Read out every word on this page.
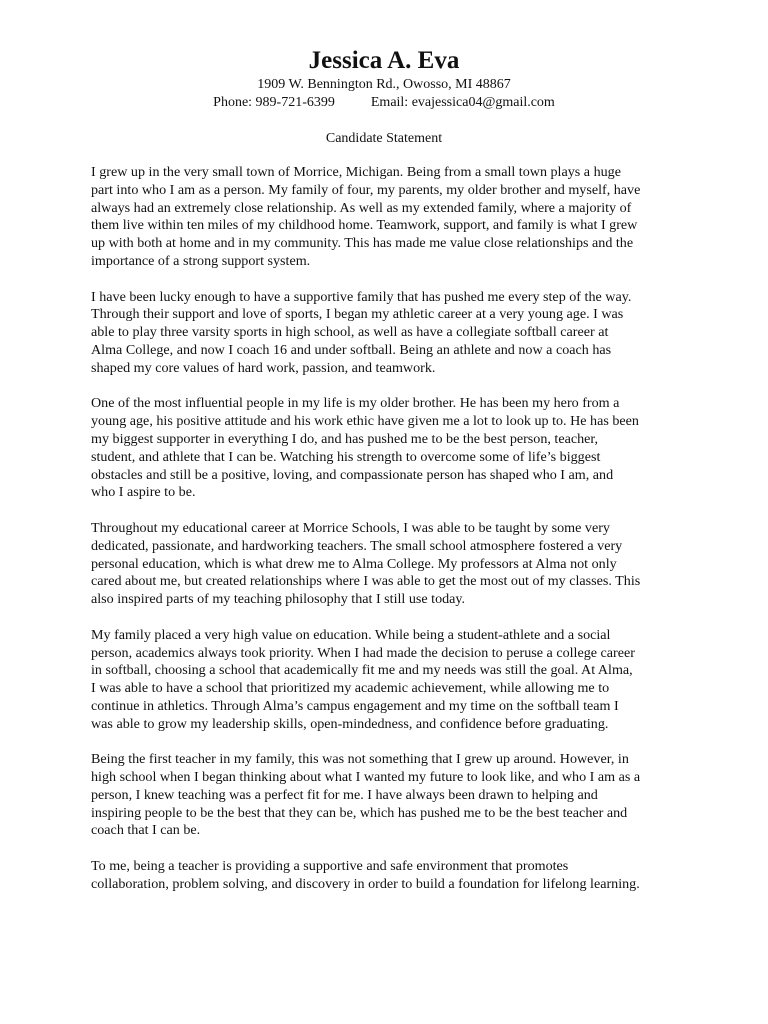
Jessica A. Eva
1909 W. Bennington Rd., Owosso, MI 48867
Phone: 989-721-6399	Email: evajessica04@gmail.com
Candidate Statement

I grew up in the very small town of Morrice, Michigan. Being from a small town plays a huge
part into who I am as a person. My family of four, my parents, my older brother and myself, have
always had an extremely close relationship. As well as my extended family, where a majority of
them live within ten miles of my childhood home. Teamwork, support, and family is what I grew
up with both at home and in my community. This has made me value close relationships and the
importance of a strong support system.

I have been lucky enough to have a supportive family that has pushed me every step of the way.
Through their support and love of sports, I began my athletic career at a very young age. I was
able to play three varsity sports in high school, as well as have a collegiate softball career at
Alma College, and now I coach 16 and under softball. Being an athlete and now a coach has
shaped my core values of hard work, passion, and teamwork.

One of the most influential people in my life is my older brother. He has been my hero from a
young age, his positive attitude and his work ethic have given me a lot to look up to. He has been
my biggest supporter in everything I do, and has pushed me to be the best person, teacher,
student, and athlete that I can be. Watching his strength to overcome some of life’s biggest
obstacles and still be a positive, loving, and compassionate person has shaped who I am, and
who I aspire to be.

Throughout my educational career at Morrice Schools, I was able to be taught by some very
dedicated, passionate, and hardworking teachers. The small school atmosphere fostered a very
personal education, which is what drew me to Alma College. My professors at Alma not only
cared about me, but created relationships where I was able to get the most out of my classes. This
also inspired parts of my teaching philosophy that I still use today.

My family placed a very high value on education. While being a student-athlete and a social
person, academics always took priority. When I had made the decision to peruse a college career
in softball, choosing a school that academically fit me and my needs was still the goal. At Alma,
I was able to have a school that prioritized my academic achievement, while allowing me to
continue in athletics. Through Alma’s campus engagement and my time on the softball team I
was able to grow my leadership skills, open-mindedness, and confidence before graduating.

Being the first teacher in my family, this was not something that I grew up around. However, in
high school when I began thinking about what I wanted my future to look like, and who I am as a
person, I knew teaching was a perfect fit for me. I have always been drawn to helping and
inspiring people to be the best that they can be, which has pushed me to be the best teacher and
coach that I can be.

To me, being a teacher is providing a supportive and safe environment that promotes
collaboration, problem solving, and discovery in order to build a foundation for lifelong learning.
